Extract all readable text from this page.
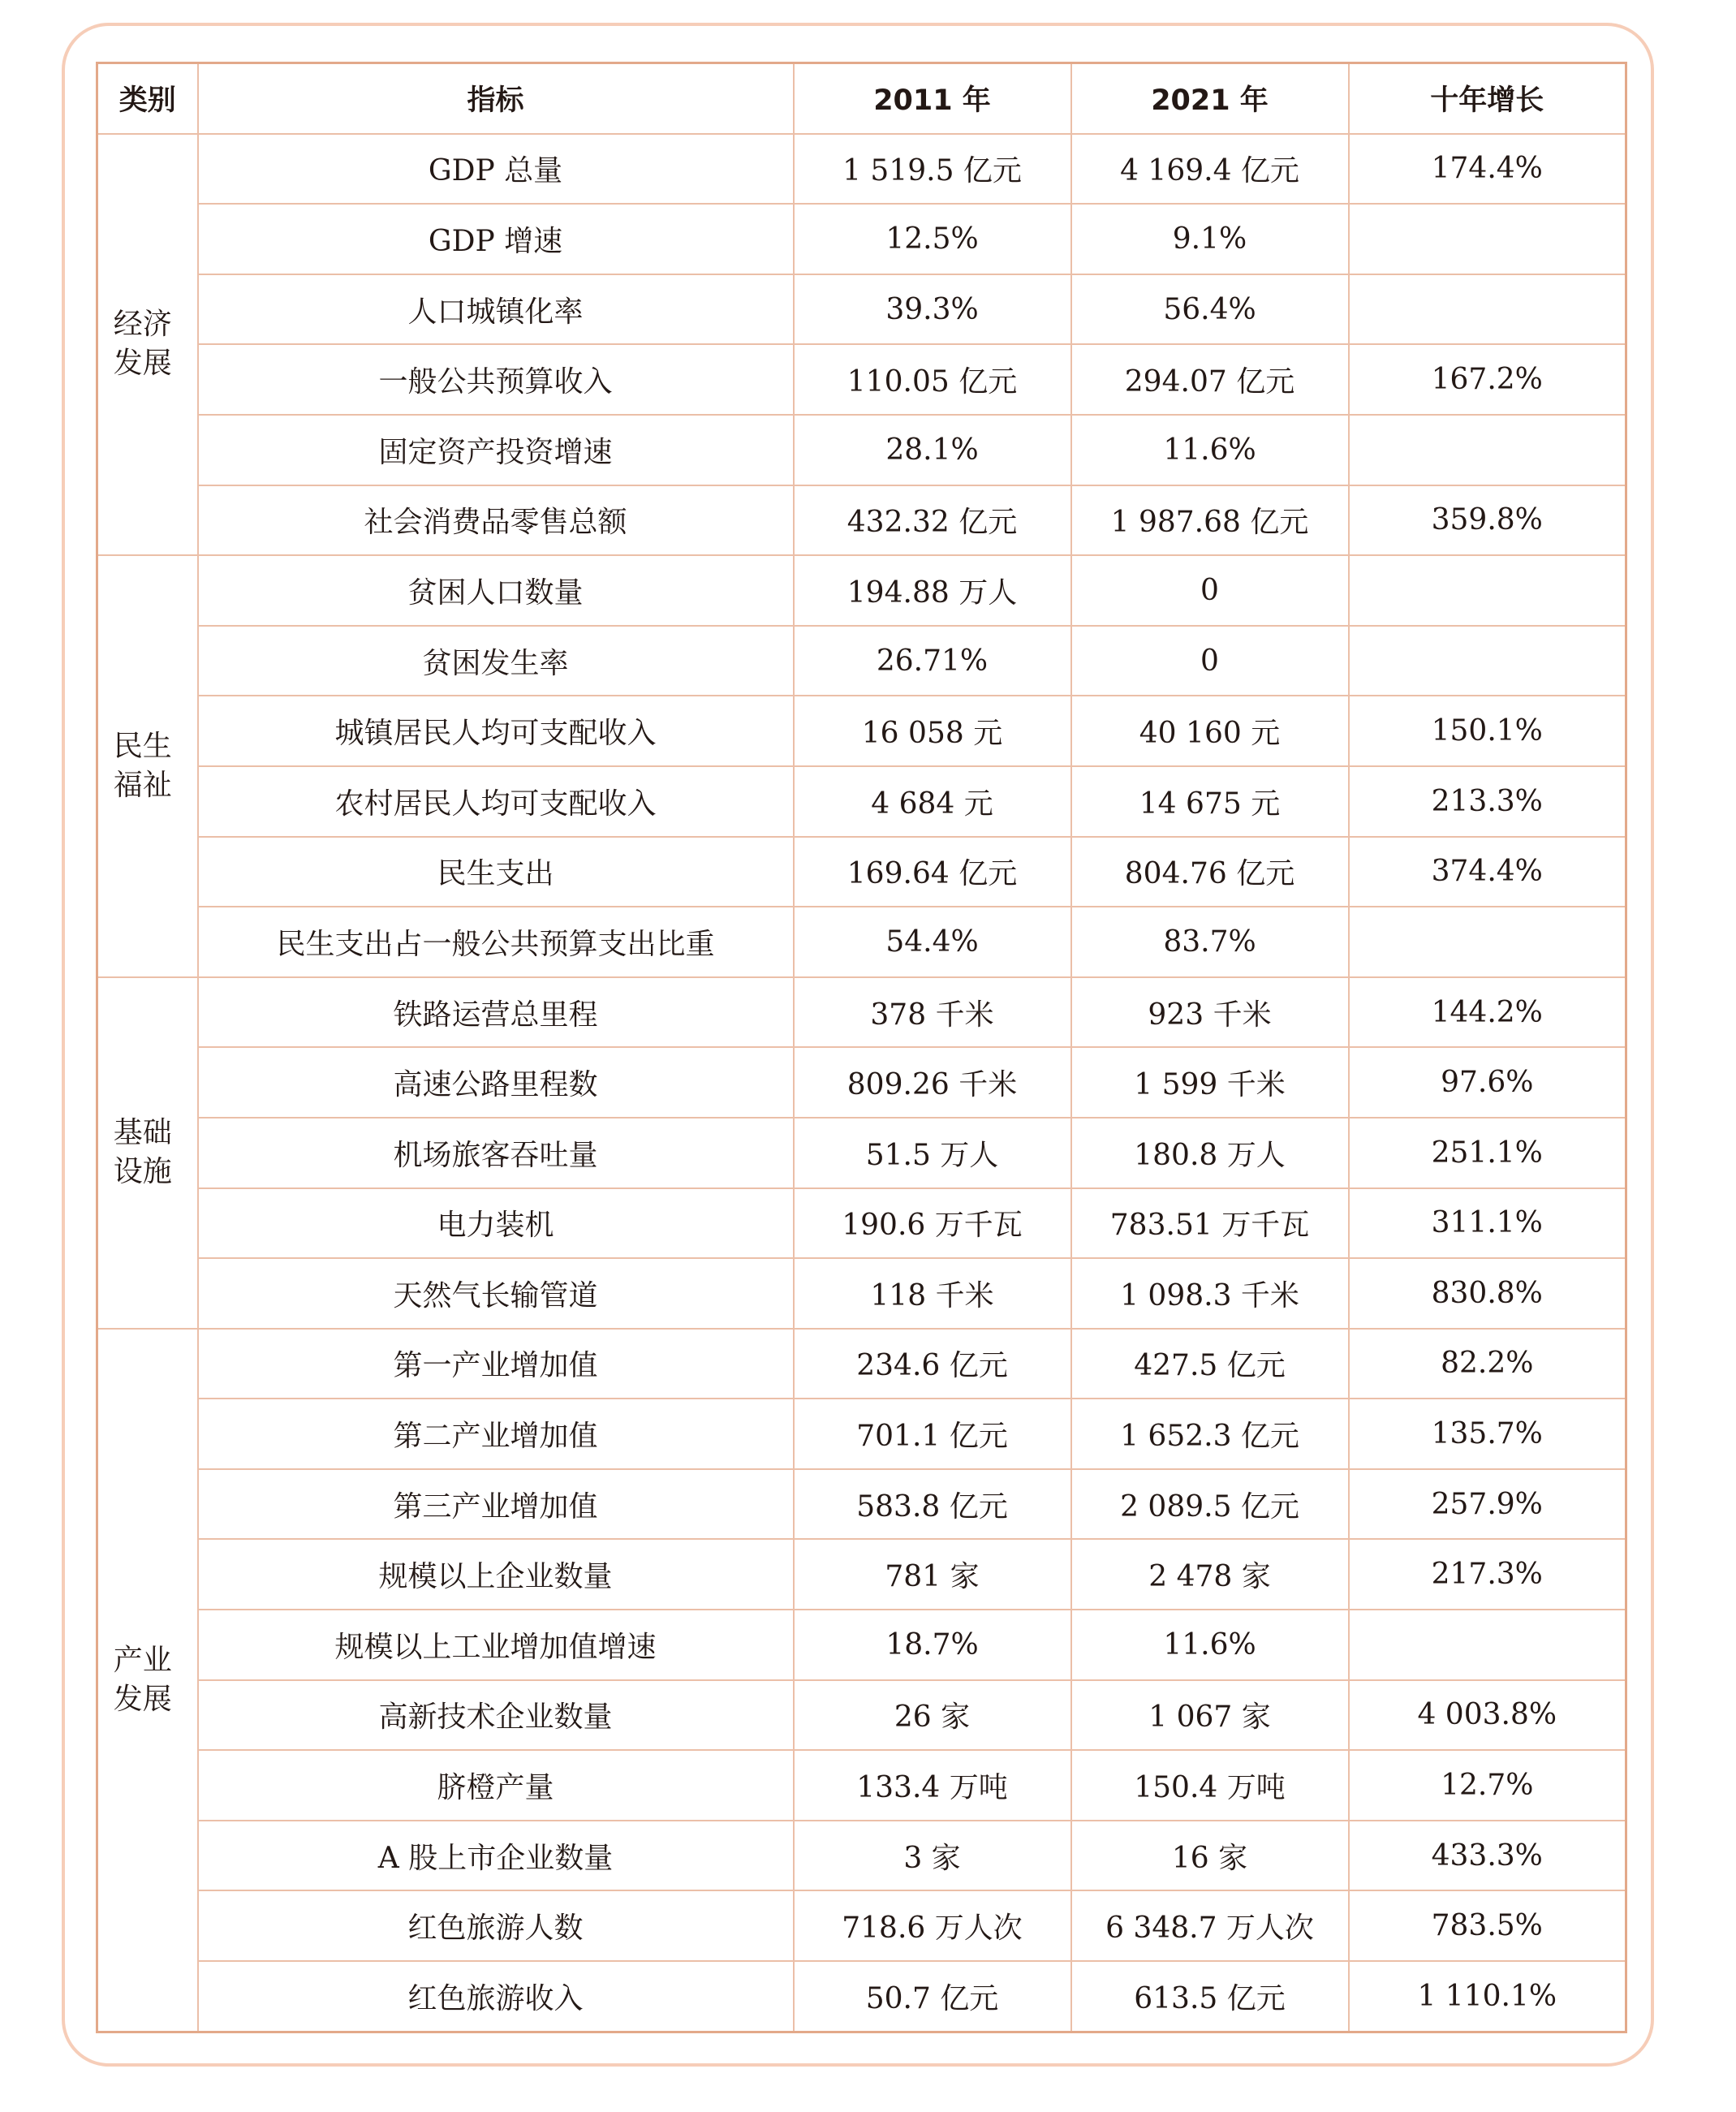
类别	指标	2011 年	2021 年	十年增长
经济发展	GDP 总量	1 519.5 亿元	4 169.4 亿元	174.4%
	GDP 增速	12.5%	9.1%	
	人口城镇化率	39.3%	56.4%	
	一般公共预算收入	110.05 亿元	294.07 亿元	167.2%
	固定资产投资增速	28.1%	11.6%	
	社会消费品零售总额	432.32 亿元	1 987.68 亿元	359.8%
民生福祉	贫困人口数量	194.88 万人	0	
	贫困发生率	26.71%	0	
	城镇居民人均可支配收入	16 058 元	40 160 元	150.1%
	农村居民人均可支配收入	4 684 元	14 675 元	213.3%
	民生支出	169.64 亿元	804.76 亿元	374.4%
	民生支出占一般公共预算支出比重	54.4%	83.7%	
基础设施	铁路运营总里程	378 千米	923 千米	144.2%
	高速公路里程数	809.26 千米	1 599 千米	97.6%
	机场旅客吞吐量	51.5 万人	180.8 万人	251.1%
	电力装机	190.6 万千瓦	783.51 万千瓦	311.1%
	天然气长输管道	118 千米	1 098.3 千米	830.8%
产业发展	第一产业增加值	234.6 亿元	427.5 亿元	82.2%
	第二产业增加值	701.1 亿元	1 652.3 亿元	135.7%
	第三产业增加值	583.8 亿元	2 089.5 亿元	257.9%
	规模以上企业数量	781 家	2 478 家	217.3%
	规模以上工业增加值增速	18.7%	11.6%	
	高新技术企业数量	26 家	1 067 家	4 003.8%
	脐橙产量	133.4 万吨	150.4 万吨	12.7%
	A 股上市企业数量	3 家	16 家	433.3%
	红色旅游人数	718.6 万人次	6 348.7 万人次	783.5%
	红色旅游收入	50.7 亿元	613.5 亿元	1 110.1%
